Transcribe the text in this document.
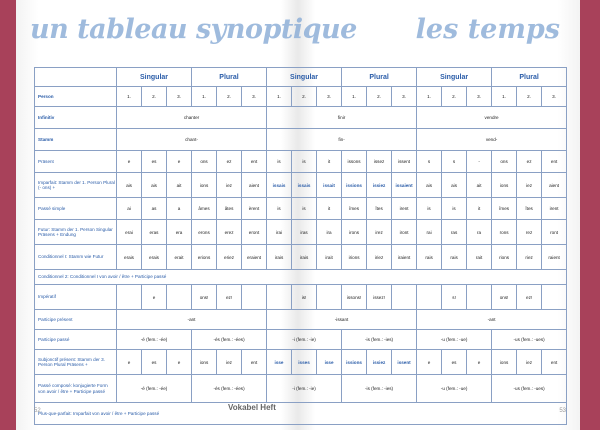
un tableau synoptique les temps
	Singular			Plural			Singular			Plural			Singular			Plural		
Person	1.	2.	3.	1.	2.	3.	1.	2.	3.	1.	2.	3.	1.	2.	3.	1.	2.	3.
Infinitiv	chanter						finir						vendre					
Stamm	chant-						fin-						vend-					
Präsent	e	es	e	ons	ez	ent	is	is	it	issons	issez	issent	s	s	-	ons	ez	ent
Imparfait: Stamm der 1. Person Plural (- ons) +	ais	ais	ait	ions	iez	aient	issais	issais	issait	issions	issiez	issaient	ais	ais	ait	ions	iez	aient
Passé simple	ai	as	a	âmes	âtes	èrent	is	is	it	îmes	îtes	irent	is	is	it	îmes	îtes	irent
Futur: Stamm der 1. Person Singular Präsens + Endung	erai	eras	era	erons	erez	eront	irai	iras	ira	irons	irez	iront	rai	ras	ra	rons	rez	ront
Conditionnel I: Stamm wie Futur	erais	erais	erait	erions	eriez	eraient	irais	irais	irait	irions	iriez	iraient	rais	rais	rait	rions	riez	raient
Conditionnel 2: Conditionnel I von avoir / être + Participe passé																		
Impératif		e		ons!	ez!			is!		issons!	issez!			s!		ons!	ez!	
Participe présent	-ant						-issant						-ant					
Participe passé	-é (fem.: -ée)			-és (fem.: -ées)			-i (fem.: -ie)			-is (fem.: -ies)			-u (fem.: -ue)			-us (fem.: -ues)		
Subjonctif présent: Stamm der 3. Person Plural Präsens +	e	es	e	ions	iez	ent	isse	isses	isse	issions	issiez	issent	e	es	e	ions	iez	ent
Passé composé: konjugierte Form von avoir / être + Participe passé	-é (fem.: -ée)			-és (fem.: -ées)			-i (fem.: -ie)			-is (fem.: -ies)			-u (fem.: -ue)			-us (fem.: -ues)		
Plus-que-parfait: Imparfait von avoir / être + Participe passé																		
Vokabel Heft
52	53
